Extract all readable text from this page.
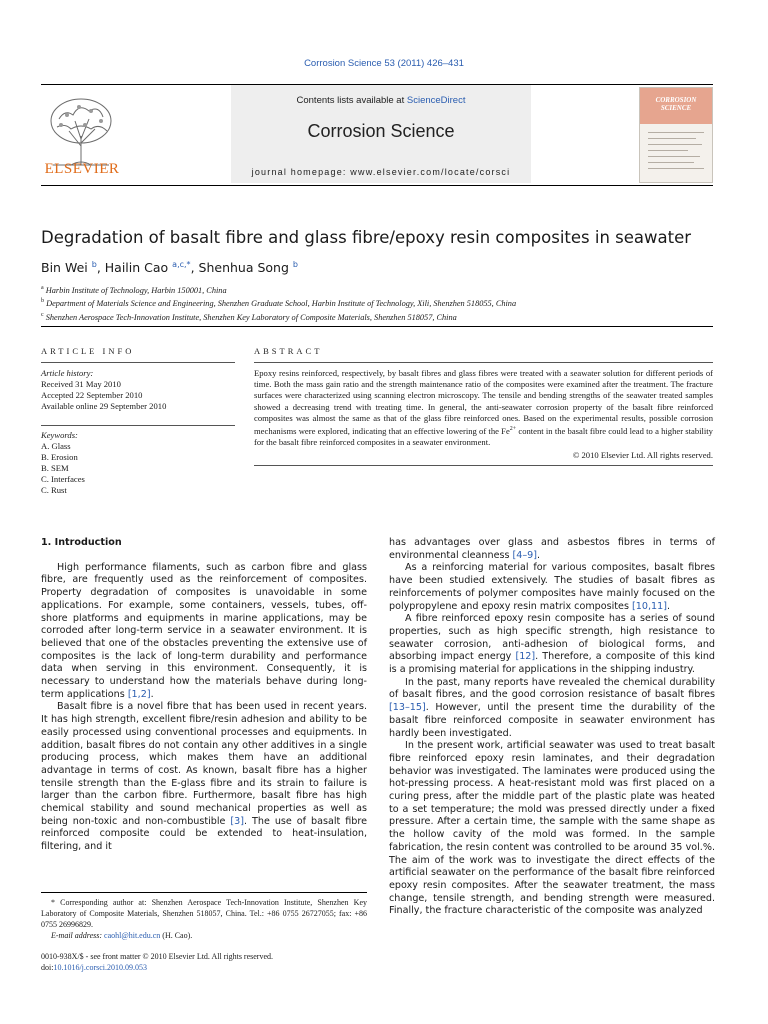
Corrosion Science 53 (2011) 426–431
ELSEVIER
Contents lists available at ScienceDirect
Corrosion Science
journal homepage: www.elsevier.com/locate/corsci
CORROSION
SCIENCE
Degradation of basalt fibre and glass fibre/epoxy resin composites in seawater
Bin Wei $^b$, Hailin Cao $^{a,c,*}$, Shenhua Song $^b$
$^a$ Harbin Institute of Technology, Harbin 150001, China
$^b$ Department of Materials Science and Engineering, Shenzhen Graduate School, Harbin Institute of Technology, Xili, Shenzhen 518055, China
$^c$ Shenzhen Aerospace Tech-Innovation Institute, Shenzhen Key Laboratory of Composite Materials, Shenzhen 518057, China
ARTICLE INFO	ABSTRACT
Article history:
Received 31 May 2010
Accepted 22 September 2010
Available online 29 September 2010
Keywords:
A. Glass
B. Erosion
B. SEM
C. Interfaces
C. Rust
Epoxy resins reinforced, respectively, by basalt fibres and glass fibres were treated with a seawater solution for different periods of time. Both the mass gain ratio and the strength maintenance ratio of the composites were examined after the treatment. The fracture surfaces were characterized using scanning electron microscopy. The tensile and bending strengths of the seawater treated samples showed a decreasing trend with treating time. In general, the anti-seawater corrosion property of the basalt fibre reinforced composites was almost the same as that of the glass fibre reinforced ones. Based on the experimental results, possible corrosion mechanisms were explored, indicating that an effective lowering of the $Fe^{2+}$ content in the basalt fibre could lead to a higher stability for the basalt fibre reinforced composites in a seawater environment.
© 2010 Elsevier Ltd. All rights reserved.
1. Introduction

High performance filaments, such as carbon fibre and glass fibre, are frequently used as the reinforcement of composites. Property degradation of composites is unavoidable in some applications. For example, some containers, vessels, tubes, off-shore platforms and equipments in marine applications, may be corroded after long-term service in a seawater environment. It is believed that one of the obstacles preventing the extensive use of composites is the lack of long-term durability and performance data when serving in this environment. Consequently, it is necessary to understand how the materials behave during long-term applications [1,2].

Basalt fibre is a novel fibre that has been used in recent years. It has high strength, excellent fibre/resin adhesion and ability to be easily processed using conventional processes and equipments. In addition, basalt fibres do not contain any other additives in a single producing process, which makes them have an additional advantage in terms of cost. As known, basalt fibre has a higher tensile strength than the E-glass fibre and its strain to failure is larger than the carbon fibre. Furthermore, basalt fibre has high chemical stability and sound mechanical properties as well as being non-toxic and non-combustible [3]. The use of basalt fibre reinforced composite could be extended to heat-insulation, filtering, and it

has advantages over glass and asbestos fibres in terms of environmental cleanness [4–9].

As a reinforcing material for various composites, basalt fibres have been studied extensively. The studies of basalt fibres as reinforcements of polymer composites have mainly focused on the polypropylene and epoxy resin matrix composites [10,11].

A fibre reinforced epoxy resin composite has a series of sound properties, such as high specific strength, high resistance to seawater corrosion, anti-adhesion of biological forms, and absorbing impact energy [12]. Therefore, a composite of this kind is a promising material for applications in the shipping industry.

In the past, many reports have revealed the chemical durability of basalt fibres, and the good corrosion resistance of basalt fibres [13–15]. However, until the present time the durability of the basalt fibre reinforced composite in seawater environment has hardly been investigated.

In the present work, artificial seawater was used to treat basalt fibre reinforced epoxy resin laminates, and their degradation behavior was investigated. The laminates were produced using the hot-pressing process. A heat-resistant mold was first placed on a curing press, after the middle part of the plastic plate was heated to a set temperature; the mold was pressed directly under a fixed pressure. After a certain time, the sample with the same shape as the hollow cavity of the mold was formed. In the sample fabrication, the resin content was controlled to be around 35 vol.%. The aim of the work was to investigate the direct effects of the artificial seawater on the performance of the basalt fibre reinforced epoxy resin composites. After the seawater treatment, the mass change, tensile strength, and bending strength were measured. Finally, the fracture characteristic of the composite was analyzed

* Corresponding author at: Shenzhen Aerospace Tech-Innovation Institute, Shenzhen Key Laboratory of Composite Materials, Shenzhen 518057, China. Tel.: +86 0755 26727055; fax: +86 0755 26996829.
E-mail address: caohl@hit.edu.cn (H. Cao).
0010-938X/$ - see front matter © 2010 Elsevier Ltd. All rights reserved.
doi:10.1016/j.corsci.2010.09.053
